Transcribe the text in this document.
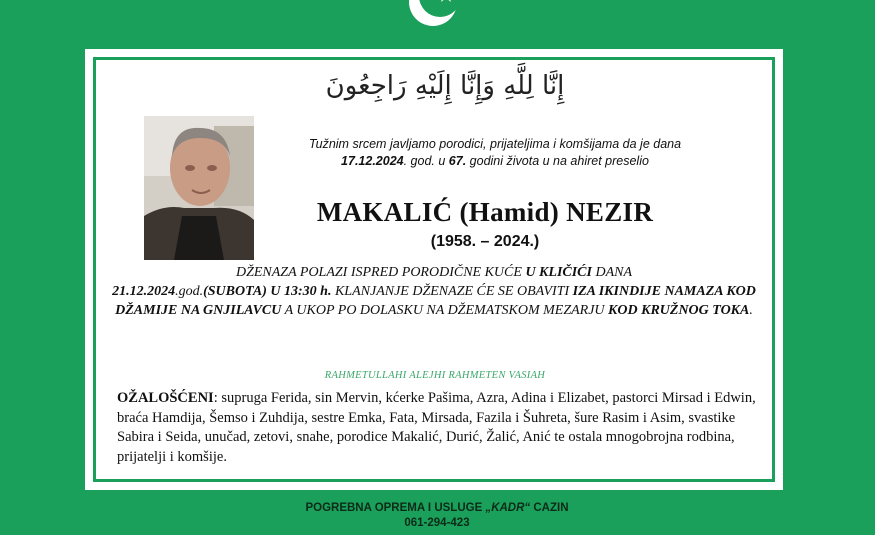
إِنَّا لِلَّهِ وَإِنَّا إِلَيْهِ رَاجِعُونَ
Tužnim srcem javljamo porodici, prijateljima i komšijama da je dana
17.12.2024. god. u 67. godini života u na ahiret preselio
MAKALIĆ (Hamid) NEZIR
(1958. – 2024.)
DŽENAZA POLAZI ISPRED PORODIČNE KUĆE U KLIČIĆI DANA
21.12.2024.god.(SUBOTA) U 13:30 h. KLANJANJE DŽENAZE ĆE SE OBAVITI IZA IKINDIJE NAMAZA KOD DŽAMIJE NA GNJILAVCU A UKOP PO DOLASKU NA DŽEMATSKOM MEZARJU KOD KRUŽNOG TOKA.
RAHMETULLAHI ALEJHI RAHMETEN VASIAH
OŽALOŠĆENI: supruga Ferida, sin Mervin, kćerke Pašima, Azra, Adina i Elizabet, pastorci Mirsad i Edwin, braća Hamdija, Šemso i Zuhdija, sestre Emka, Fata, Mirsada, Fazila i Šuhreta, šure Rasim i Asim, svastike Sabira i Seida, unučad, zetovi, snahe, porodice Makalić, Durić, Žalić, Anić te ostala mnogobrojna rodbina, prijatelji i komšije.
POGREBNA OPREMA I USLUGE „KADR“ CAZIN
061-294-423
